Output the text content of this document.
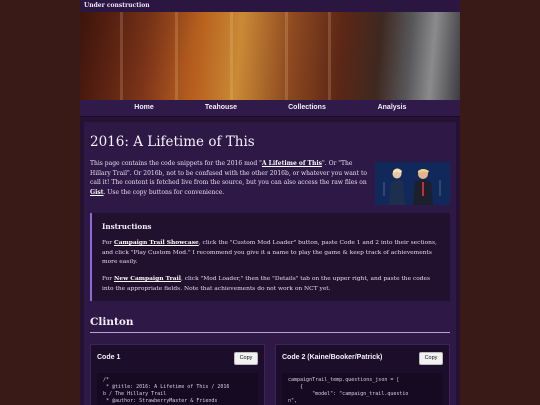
Under construction
Home	Teahouse	Collections	Analysis
2016: A Lifetime of This
This page contains the code snippets for the 2016 mod "A Lifetime of This". Or "The Hillary Trail". Or 2016b, not to be confused with the other 2016b, or whatever you want to call it! The content is fetched live from the source, but you can also access the raw files on Gist. Use the copy buttons for convenience.
Instructions

For Campaign Trail Showcase, click the "Custom Mod Loader" button, paste Code 1 and 2 into their sections, and click "Play Custom Mod." I recommend you give it a name to play the game & keep track of achievements more easily.

For New Campaign Trail, click "Mod Loader," then the "Details" tab on the upper right, and paste the codes into the appropriate fields. Note that achievements do not work on NCT yet.

Clinton
Code 1	Copy
/*
* @title: 2016: A Lifetime of This / 2016
b / The Hillary Trail
* @author: StrawberryMaster & Friends
Code 2 (Kaine/Booker/Patrick)	Copy
campaignTrail_temp.questions_json = [
{
"model": "campaign_trail.questio
n",
